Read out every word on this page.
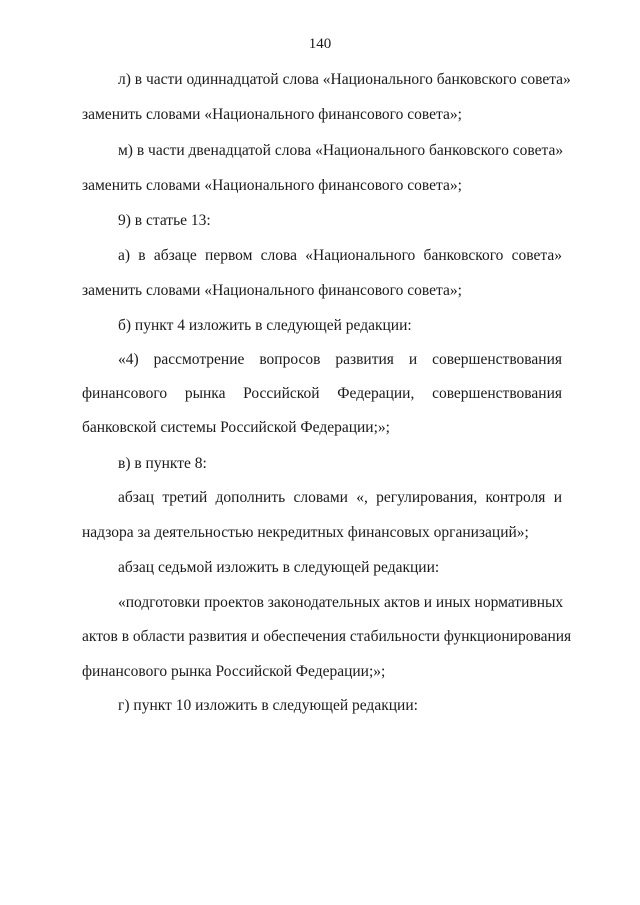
140
л) в части одиннадцатой слова «Национального банковского совета»
заменить словами «Национального финансового совета»;
м) в части двенадцатой слова «Национального банковского совета»
заменить словами «Национального финансового совета»;
9) в статье 13:
а) в абзаце первом слова «Национального банковского совета»
заменить словами «Национального финансового совета»;
б) пункт 4 изложить в следующей редакции:
«4) рассмотрение вопросов развития и совершенствования
финансового рынка Российской Федерации, совершенствования
банковской системы Российской Федерации;»;
в) в пункте 8:
абзац третий дополнить словами «, регулирования, контроля и
надзора за деятельностью некредитных финансовых организаций»;
абзац седьмой изложить в следующей редакции:
«подготовки проектов законодательных актов и иных нормативных
актов в области развития и обеспечения стабильности функционирования
финансового рынка Российской Федерации;»;
г) пункт 10 изложить в следующей редакции:
